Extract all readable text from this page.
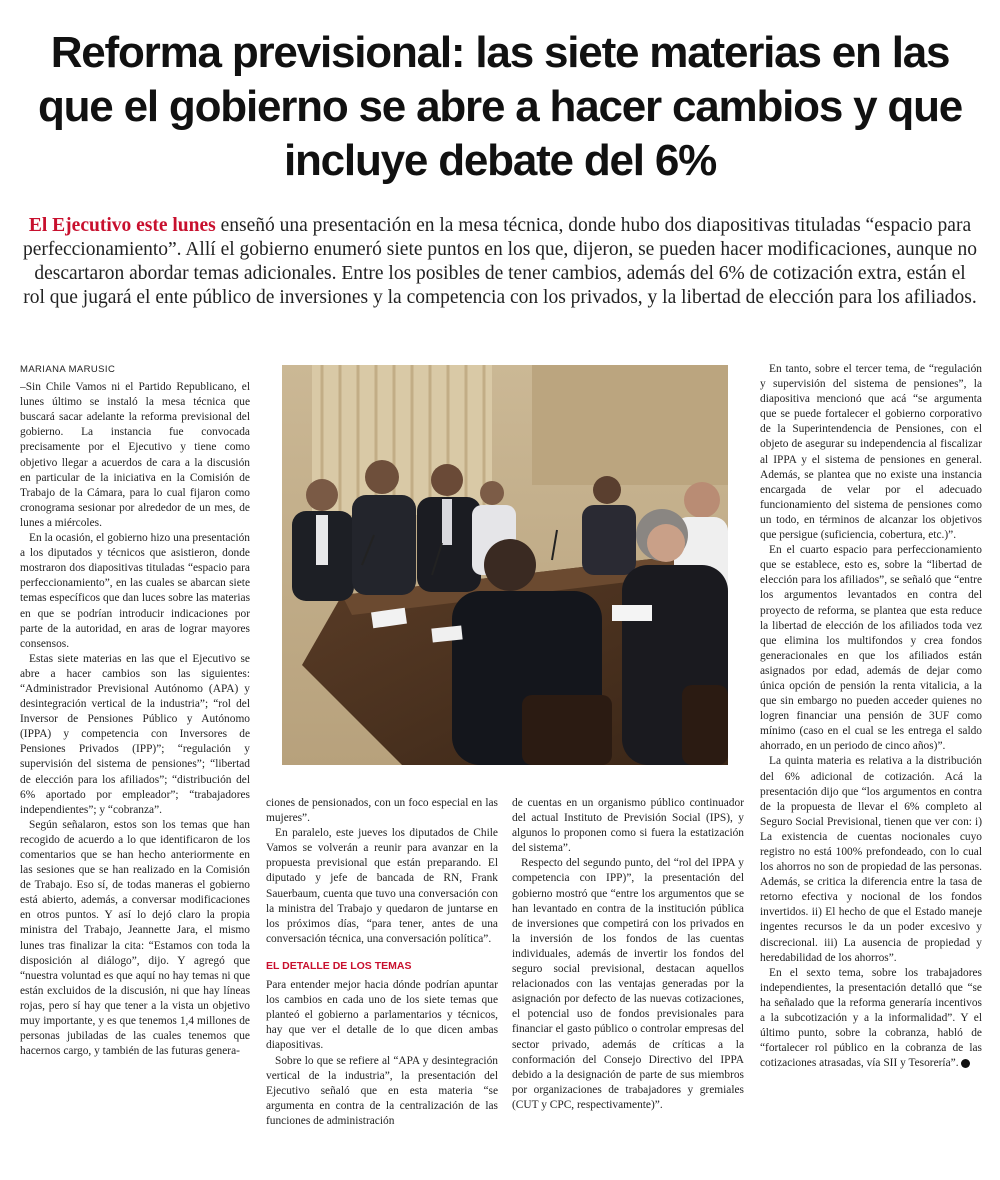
Reforma previsional: las siete materias en las que el gobierno se abre a hacer cambios y que incluye debate del 6%

El Ejecutivo este lunes enseñó una presentación en la mesa técnica, donde hubo dos diapositivas tituladas “espacio para perfeccionamiento”. Allí el gobierno enumeró siete puntos en los que, dijeron, se pueden hacer modificaciones, aunque no descartaron abordar temas adicionales. Entre los posibles de tener cambios, además del 6% de cotización extra, están el rol que jugará el ente público de inversiones y la competencia con los privados, y la libertad de elección para los afiliados.

MARIANA MARUSIC

–Sin Chile Vamos ni el Partido Republicano, el lunes último se instaló la mesa técnica que buscará sacar adelante la reforma previsional del gobierno. La instancia fue convocada precisamente por el Ejecutivo y tiene como objetivo llegar a acuerdos de cara a la discusión en particular de la iniciativa en la Comisión de Trabajo de la Cámara, para lo cual fijaron como cronograma sesionar por alrededor de un mes, de lunes a miércoles.

En la ocasión, el gobierno hizo una presentación a los diputados y técnicos que asistieron, donde mostraron dos diapositivas tituladas “espacio para perfeccionamiento”, en las cuales se abarcan siete temas específicos que dan luces sobre las materias en que se podrían introducir indicaciones por parte de la autoridad, en aras de lograr mayores consensos.

Estas siete materias en las que el Ejecutivo se abre a hacer cambios son las siguientes: “Administrador Previsional Autónomo (APA) y desintegración vertical de la industria”; “rol del Inversor de Pensiones Público y Autónomo (IPPA) y competencia con Inversores de Pensiones Privados (IPP)”; “regulación y supervisión del sistema de pensiones”; “libertad de elección para los afiliados”; “distribución del 6% aportado por empleador”; “trabajadores independientes”; y “cobranza”.

Según señalaron, estos son los temas que han recogido de acuerdo a lo que identificaron de los comentarios que se han hecho anteriormente en las sesiones que se han realizado en la Comisión de Trabajo. Eso sí, de todas maneras el gobierno está abierto, además, a conversar modificaciones en otros puntos. Y así lo dejó claro la propia ministra del Trabajo, Jeannette Jara, el mismo lunes tras finalizar la cita: “Estamos con toda la disposición al diálogo”, dijo. Y agregó que “nuestra voluntad es que aquí no hay temas ni que están excluidos de la discusión, ni que hay líneas rojas, pero sí hay que tener a la vista un objetivo muy importante, y es que tenemos 1,4 millones de personas jubiladas de las cuales tenemos que hacernos cargo, y también de las futuras genera-

ciones de pensionados, con un foco especial en las mujeres”.

En paralelo, este jueves los diputados de Chile Vamos se volverán a reunir para avanzar en la propuesta previsional que están preparando. El diputado y jefe de bancada de RN, Frank Sauerbaum, cuenta que tuvo una conversación con la ministra del Trabajo y quedaron de juntarse en los próximos días, “para tener, antes de una conversación técnica, una conversación política”.

EL DETALLE DE LOS TEMAS

Para entender mejor hacia dónde podrían apuntar los cambios en cada uno de los siete temas que planteó el gobierno a parlamentarios y técnicos, hay que ver el detalle de lo que dicen ambas diapositivas.

Sobre lo que se refiere al “APA y desintegración vertical de la industria”, la presentación del Ejecutivo señaló que en esta materia “se argumenta en contra de la centralización de las funciones de administración

de cuentas en un organismo público continuador del actual Instituto de Previsión Social (IPS), y algunos lo proponen como si fuera la estatización del sistema”.

Respecto del segundo punto, del “rol del IPPA y competencia con IPP)”, la presentación del gobierno mostró que “entre los argumentos que se han levantado en contra de la institución pública de inversiones que competirá con los privados en la inversión de los fondos de las cuentas individuales, además de invertir los fondos del seguro social previsional, destacan aquellos relacionados con las ventajas generadas por la asignación por defecto de las nuevas cotizaciones, el potencial uso de fondos previsionales para financiar el gasto público o controlar empresas del sector privado, además de críticas a la conformación del Consejo Directivo del IPPA debido a la designación de parte de sus miembros por organizaciones de trabajadores y gremiales (CUT y CPC, respectivamente)”.

En tanto, sobre el tercer tema, de “regulación y supervisión del sistema de pensiones”, la diapositiva mencionó que acá “se argumenta que se puede fortalecer el gobierno corporativo de la Superintendencia de Pensiones, con el objeto de asegurar su independencia al fiscalizar al IPPA y el sistema de pensiones en general. Además, se plantea que no existe una instancia encargada de velar por el adecuado funcionamiento del sistema de pensiones como un todo, en términos de alcanzar los objetivos que persigue (suficiencia, cobertura, etc.)”.

En el cuarto espacio para perfeccionamiento que se establece, esto es, sobre la “libertad de elección para los afiliados”, se señaló que “entre los argumentos levantados en contra del proyecto de reforma, se plantea que esta reduce la libertad de elección de los afiliados toda vez que elimina los multifondos y crea fondos generacionales en que los afiliados están asignados por edad, además de dejar como única opción de pensión la renta vitalicia, a la que sin embargo no pueden acceder quienes no logren financiar una pensión de 3UF como mínimo (caso en el cual se les entrega el saldo ahorrado, en un periodo de cinco años)”.

La quinta materia es relativa a la distribución del 6% adicional de cotización. Acá la presentación dijo que “los argumentos en contra de la propuesta de llevar el 6% completo al Seguro Social Previsional, tienen que ver con: i) La existencia de cuentas nocionales cuyo registro no está 100% prefondeado, con lo cual los ahorros no son de propiedad de las personas. Además, se critica la diferencia entre la tasa de retorno efectiva y nocional de los fondos invertidos. ii) El hecho de que el Estado maneje ingentes recursos le da un poder excesivo y discrecional. iii) La ausencia de propiedad y heredabilidad de los ahorros”.

En el sexto tema, sobre los trabajadores independientes, la presentación detalló que “se ha señalado que la reforma generaría incentivos a la subcotización y a la informalidad”. Y el último punto, sobre la cobranza, habló de “fortalecer rol público en la cobranza de las cotizaciones atrasadas, vía SII y Tesorería”. P
